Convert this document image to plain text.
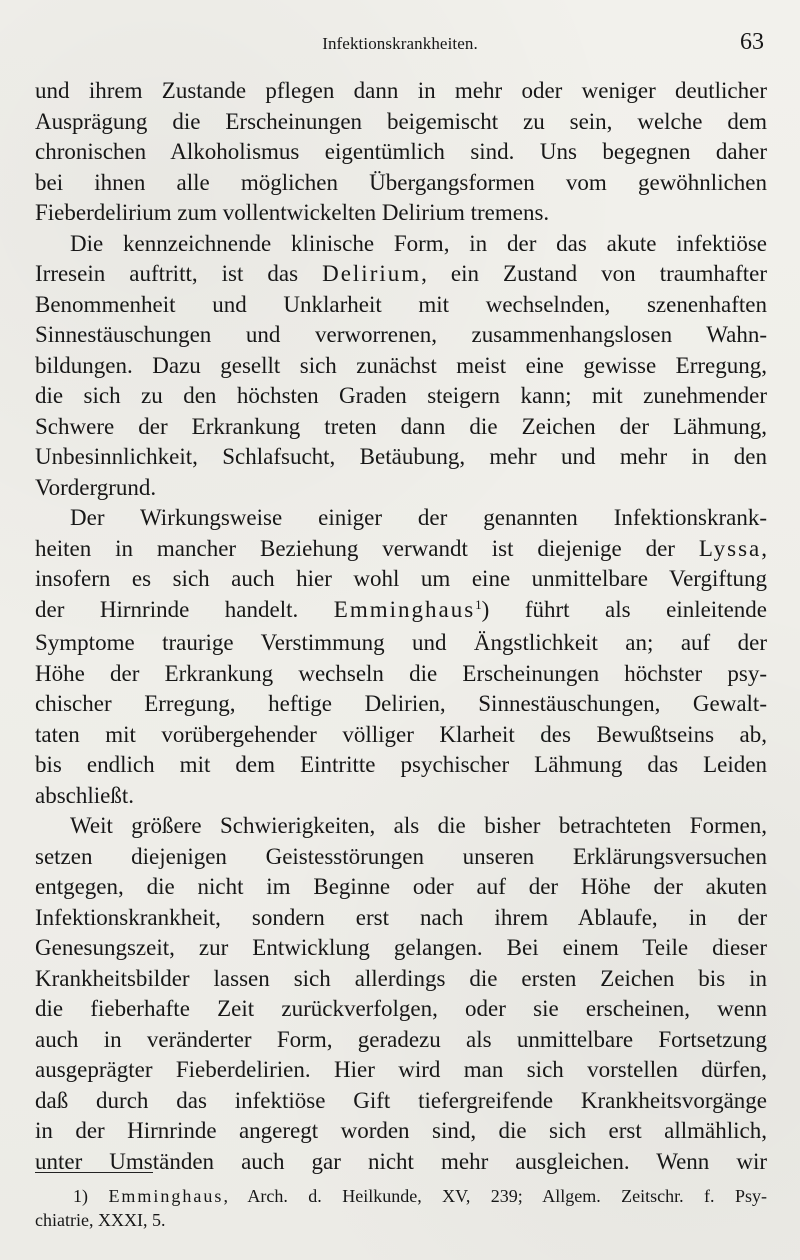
Infektionskrankheiten.	63

und ihrem Zustande pflegen dann in mehr oder weniger deutlicher
Ausprägung die Erscheinungen beigemischt zu sein, welche dem
chronischen Alkoholismus eigentümlich sind. Uns begegnen daher
bei ihnen alle möglichen Übergangsformen vom gewöhnlichen
Fieberdelirium zum vollentwickelten Delirium tremens.

Die kennzeichnende klinische Form, in der das akute infektiöse
Irresein auftritt, ist das Delirium, ein Zustand von traumhafter
Benommenheit und Unklarheit mit wechselnden, szenenhaften
Sinnestäuschungen und verworrenen, zusammenhangslosen Wahn-
bildungen. Dazu gesellt sich zunächst meist eine gewisse Erregung,
die sich zu den höchsten Graden steigern kann; mit zunehmender
Schwere der Erkrankung treten dann die Zeichen der Lähmung,
Unbesinnlichkeit, Schlafsucht, Betäubung, mehr und mehr in den
Vordergrund.

Der Wirkungsweise einiger der genannten Infektionskrank-
heiten in mancher Beziehung verwandt ist diejenige der Lyssa,
insofern es sich auch hier wohl um eine unmittelbare Vergiftung
der Hirnrinde handelt. Emminghaus$^1$) führt als einleitende
Symptome traurige Verstimmung und Ängstlichkeit an; auf der
Höhe der Erkrankung wechseln die Erscheinungen höchster psy-
chischer Erregung, heftige Delirien, Sinnestäuschungen, Gewalt-
taten mit vorübergehender völliger Klarheit des Bewußtseins ab,
bis endlich mit dem Eintritte psychischer Lähmung das Leiden
abschließt.

Weit größere Schwierigkeiten, als die bisher betrachteten Formen,
setzen diejenigen Geistesstörungen unseren Erklärungsversuchen
entgegen, die nicht im Beginne oder auf der Höhe der akuten
Infektionskrankheit, sondern erst nach ihrem Ablaufe, in der
Genesungszeit, zur Entwicklung gelangen. Bei einem Teile dieser
Krankheitsbilder lassen sich allerdings die ersten Zeichen bis in
die fieberhafte Zeit zurückverfolgen, oder sie erscheinen, wenn
auch in veränderter Form, geradezu als unmittelbare Fortsetzung
ausgeprägter Fieberdelirien. Hier wird man sich vorstellen dürfen,
daß durch das infektiöse Gift tiefergreifende Krankheitsvorgänge
in der Hirnrinde angeregt worden sind, die sich erst allmählich,
unter Umständen auch gar nicht mehr ausgleichen. Wenn wir

1) Emminghaus, Arch. d. Heilkunde, XV, 239; Allgem. Zeitschr. f. Psy-
chiatrie, XXXI, 5.
